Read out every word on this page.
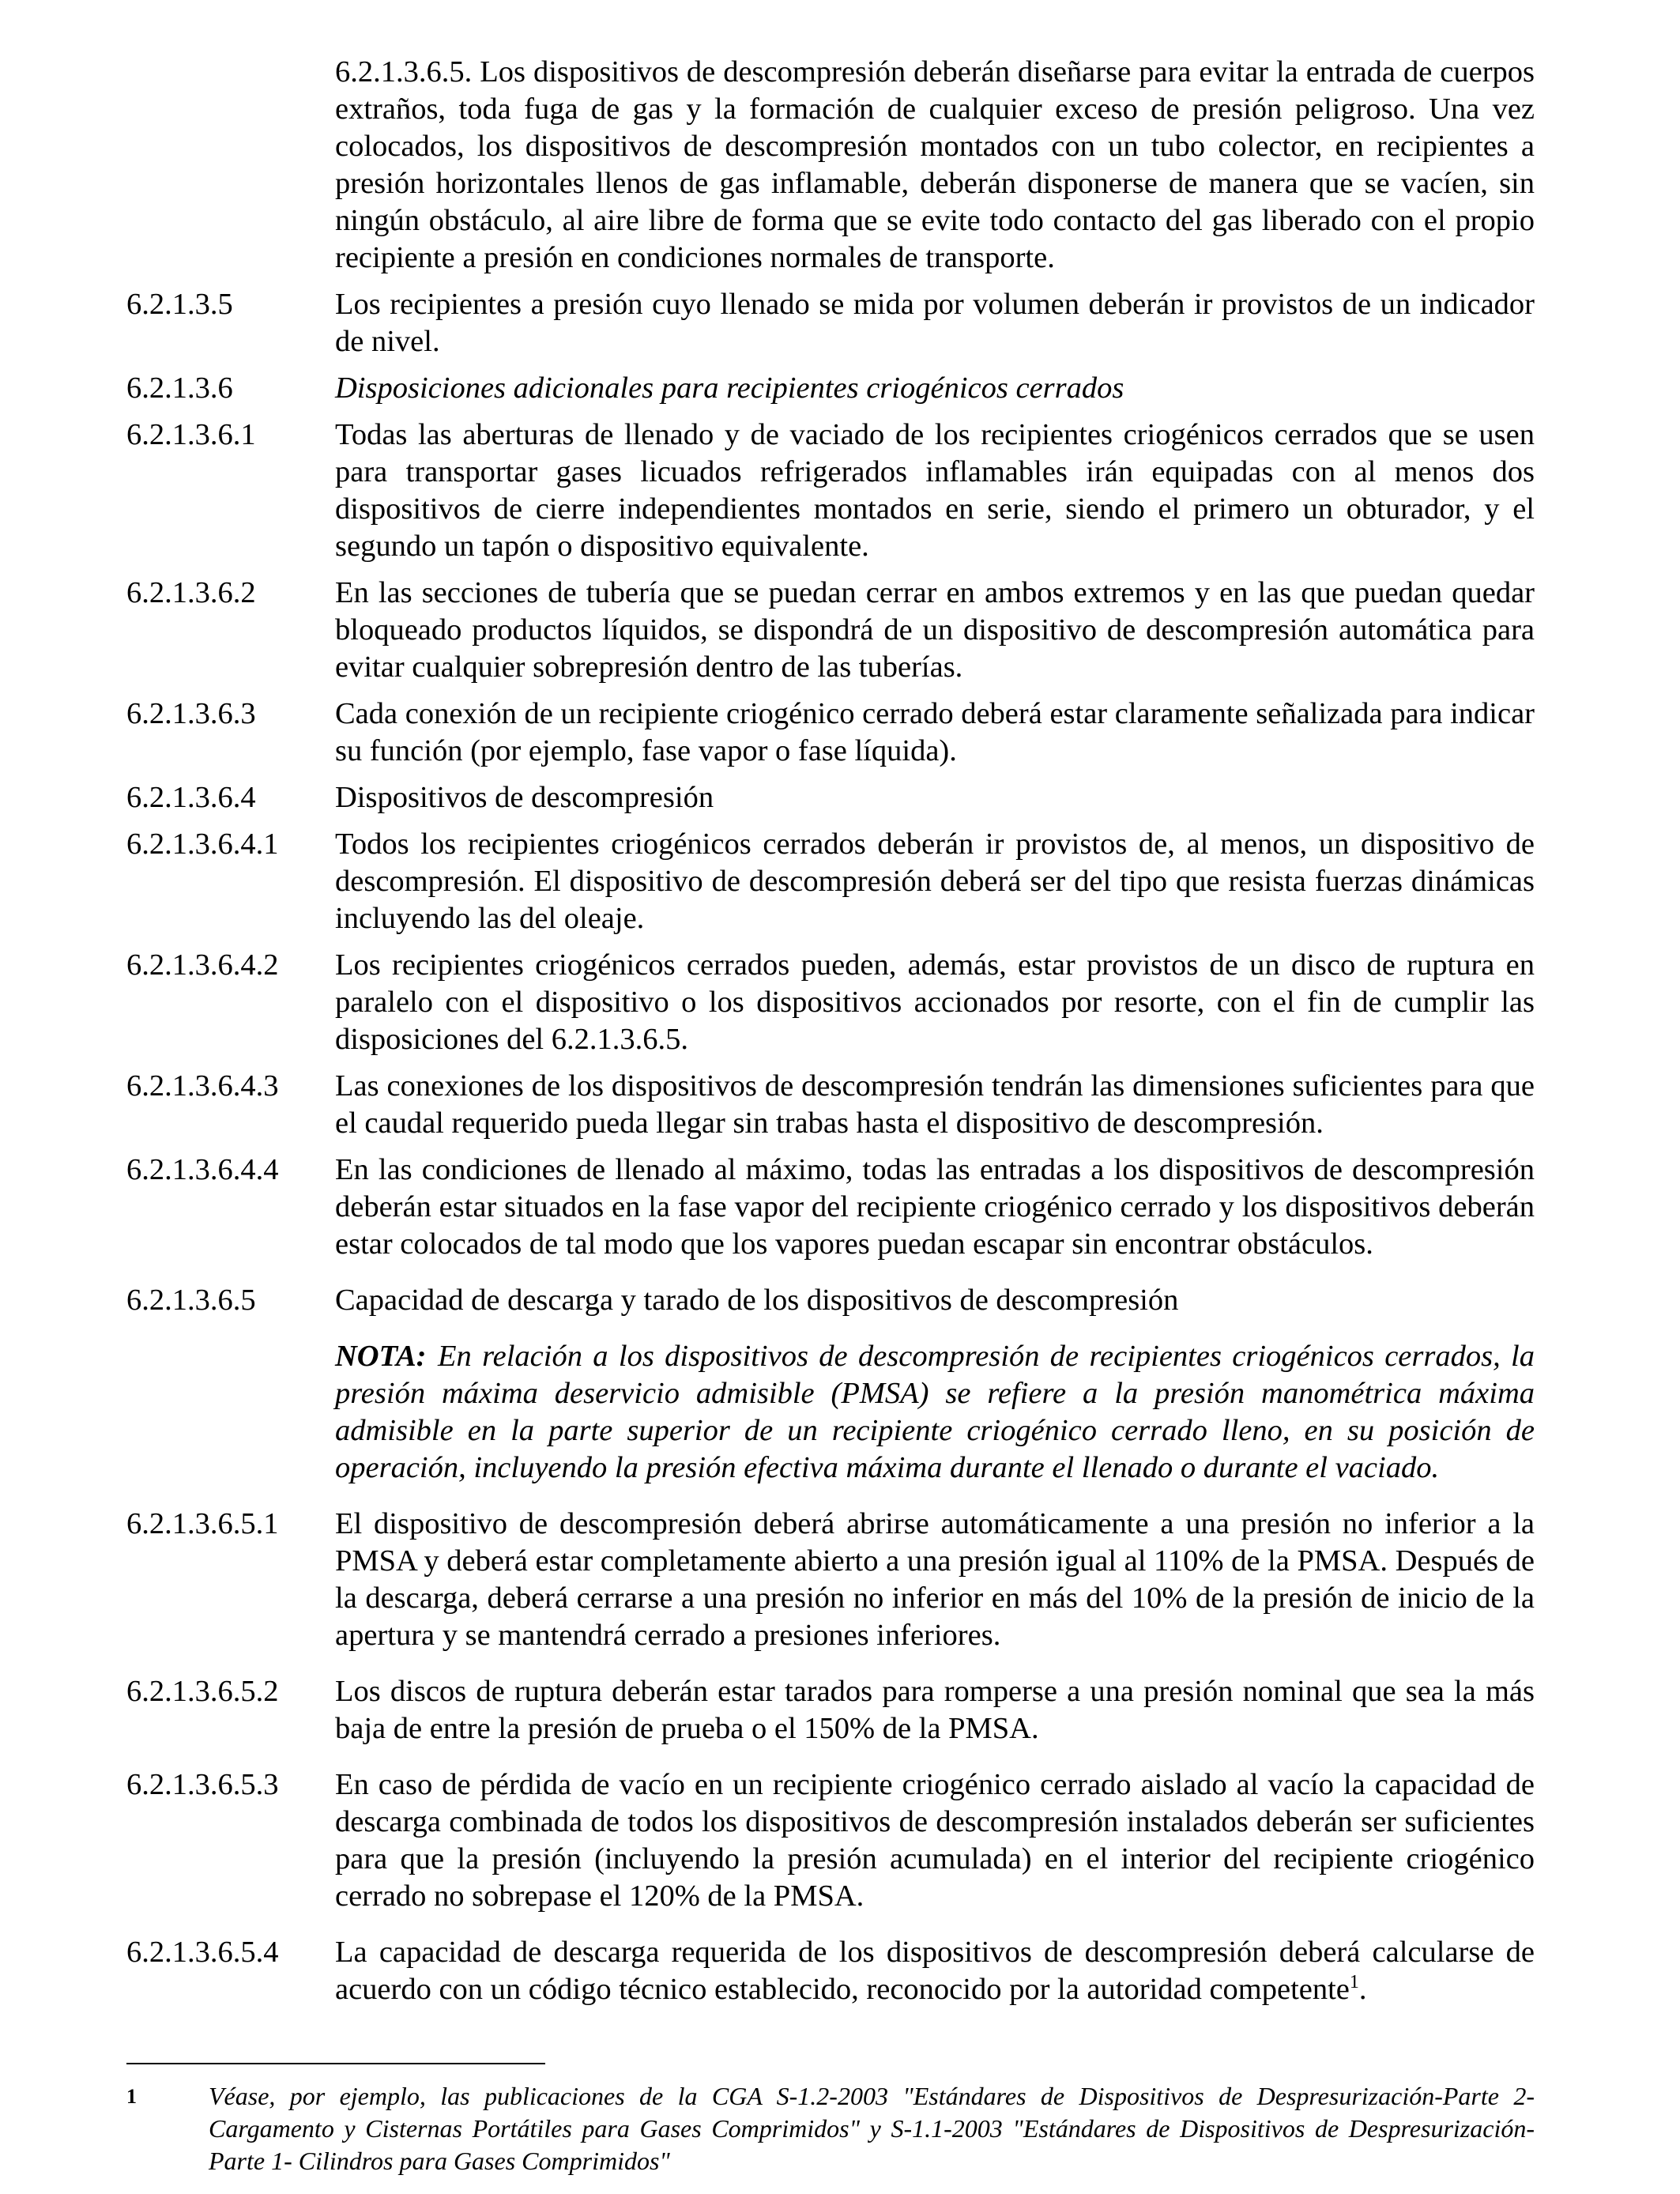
6.2.1.3.6.5. Los dispositivos de descompresión deberán diseñarse para evitar la entrada de cuerpos extraños, toda fuga de gas y la formación de cualquier exceso de presión peligroso. Una vez colocados, los dispositivos de descompresión montados con un tubo colector, en recipientes a presión horizontales llenos de gas inflamable, deberán disponerse de manera que se vacíen, sin ningún obstáculo, al aire libre de forma que se evite todo contacto del gas liberado con el propio recipiente a presión en condiciones normales de transporte.
6.2.1.3.5	Los recipientes a presión cuyo llenado se mida por volumen deberán ir provistos de un indicador de nivel.
6.2.1.3.6	Disposiciones adicionales para recipientes criogénicos cerrados
6.2.1.3.6.1	Todas las aberturas de llenado y de vaciado de los recipientes criogénicos cerrados que se usen para transportar gases licuados refrigerados inflamables irán equipadas con al menos dos dispositivos de cierre independientes montados en serie, siendo el primero un obturador, y el segundo un tapón o dispositivo equivalente.
6.2.1.3.6.2	En las secciones de tubería que se puedan cerrar en ambos extremos y en las que puedan quedar bloqueado productos líquidos, se dispondrá de un dispositivo de descompresión automática para evitar cualquier sobrepresión dentro de las tuberías.
6.2.1.3.6.3	Cada conexión de un recipiente criogénico cerrado deberá estar claramente señalizada para indicar su función (por ejemplo, fase vapor o fase líquida).
6.2.1.3.6.4	Dispositivos de descompresión
6.2.1.3.6.4.1	Todos los recipientes criogénicos cerrados deberán ir provistos de, al menos, un dispositivo de descompresión. El dispositivo de descompresión deberá ser del tipo que resista fuerzas dinámicas incluyendo las del oleaje.
6.2.1.3.6.4.2	Los recipientes criogénicos cerrados pueden, además, estar provistos de un disco de ruptura en paralelo con el dispositivo o los dispositivos accionados por resorte, con el fin de cumplir las disposiciones del 6.2.1.3.6.5.
6.2.1.3.6.4.3	Las conexiones de los dispositivos de descompresión tendrán las dimensiones suficientes para que el caudal requerido pueda llegar sin trabas hasta el dispositivo de descompresión.
6.2.1.3.6.4.4	En las condiciones de llenado al máximo, todas las entradas a los dispositivos de descompresión deberán estar situados en la fase vapor del recipiente criogénico cerrado y los dispositivos deberán estar colocados de tal modo que los vapores puedan escapar sin encontrar obstáculos.
6.2.1.3.6.5	Capacidad de descarga y tarado de los dispositivos de descompresión
NOTA: En relación a los dispositivos de descompresión de recipientes criogénicos cerrados, la presión máxima deservicio admisible (PMSA) se refiere a la presión manométrica máxima admisible en la parte superior de un recipiente criogénico cerrado lleno, en su posición de operación, incluyendo la presión efectiva máxima durante el llenado o durante el vaciado.
6.2.1.3.6.5.1	El dispositivo de descompresión deberá abrirse automáticamente a una presión no inferior a la PMSA y deberá estar completamente abierto a una presión igual al 110% de la PMSA. Después de la descarga, deberá cerrarse a una presión no inferior en más del 10% de la presión de inicio de la apertura y se mantendrá cerrado a presiones inferiores.
6.2.1.3.6.5.2	Los discos de ruptura deberán estar tarados para romperse a una presión nominal que sea la más baja de entre la presión de prueba o el 150% de la PMSA.
6.2.1.3.6.5.3	En caso de pérdida de vacío en un recipiente criogénico cerrado aislado al vacío la capacidad de descarga combinada de todos los dispositivos de descompresión instalados deberán ser suficientes para que la presión (incluyendo la presión acumulada) en el interior del recipiente criogénico cerrado no sobrepase el 120% de la PMSA.
6.2.1.3.6.5.4	La capacidad de descarga requerida de los dispositivos de descompresión deberá calcularse de acuerdo con un código técnico establecido, reconocido por la autoridad competente$^1$.
1	Véase, por ejemplo, las publicaciones de la CGA S-1.2-2003 "Estándares de Dispositivos de Despresurización-Parte 2-Cargamento y Cisternas Portátiles para Gases Comprimidos" y S-1.1-2003 "Estándares de Dispositivos de Despresurización-Parte 1- Cilindros para Gases Comprimidos"
